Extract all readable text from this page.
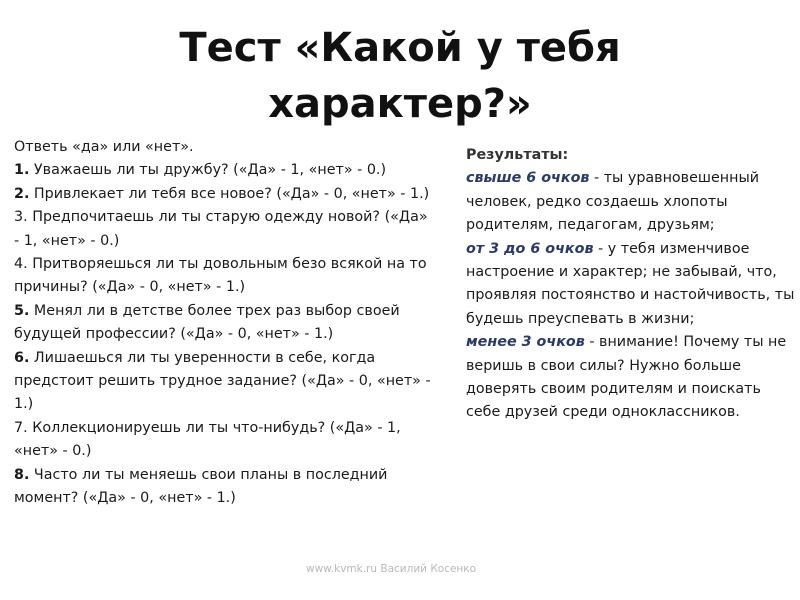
Тест «Какой у тебя
характер?»

Ответь «да» или «нет».

1. Уважаешь ли ты дружбу? («Да» - 1, «нет» - 0.)

2. Привлекает ли тебя все новое? («Да» - 0, «нет» - 1.)

3. Предпочитаешь ли ты старую одежду новой? («Да» - 1, «нет» - 0.)

4. Притворяешься ли ты довольным безо всякой на то причины? («Да» - 0, «нет» - 1.)

5. Менял ли в детстве более трех раз выбор своей будущей профессии? («Да» - 0, «нет» - 1.)

6. Лишаешься ли ты уверенности в себе, когда предстоит решить трудное задание? («Да» - 0, «нет» - 1.)

7. Коллекционируешь ли ты что-нибудь? («Да» - 1, «нет» - 0.)

8. Часто ли ты меняешь свои планы в последний момент? («Да» - 0, «нет» - 1.)

Результаты:

свыше 6 очков - ты уравновешенный человек, редко создаешь хлопоты родителям, педагогам, друзьям;

от 3 до 6 очков - у тебя изменчивое настроение и характер; не забывай, что, проявляя постоянство и настойчивость, ты будешь преуспевать в жизни;

менее 3 очков - внимание! Почему ты не веришь в свои силы? Нужно больше доверять своим родителям и поискать себе друзей среди одноклассников.

www.kvmk.ru Василий Косенко
